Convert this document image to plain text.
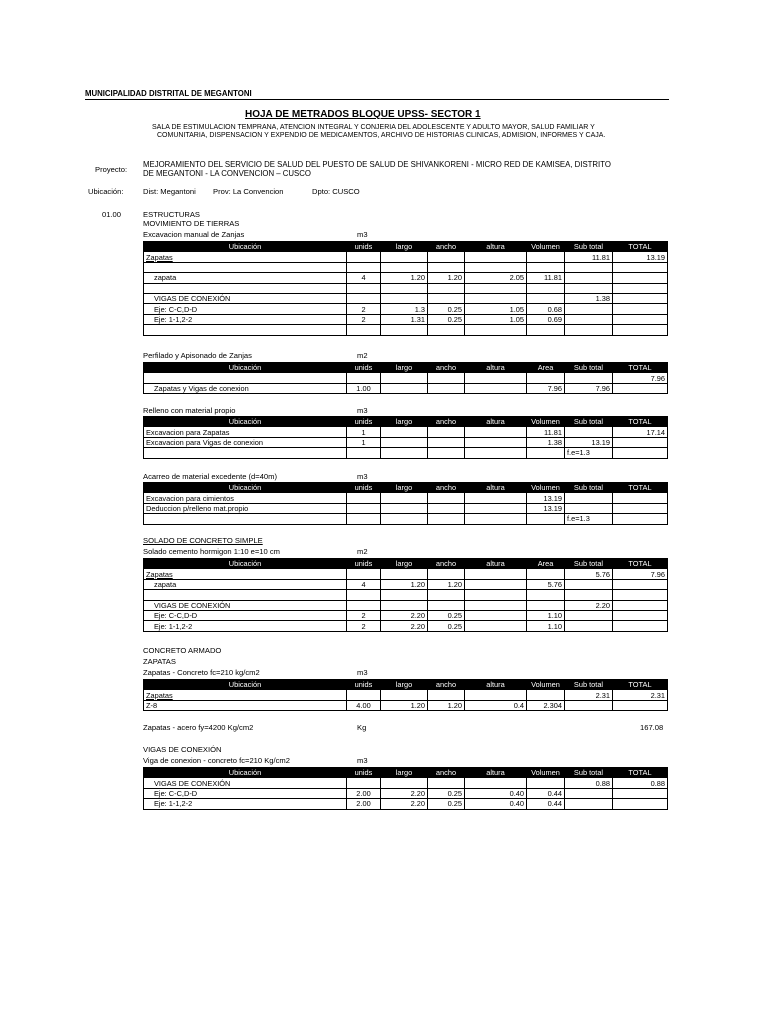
MUNICIPALIDAD DISTRITAL DE MEGANTONI
HOJA DE METRADOS BLOQUE UPSS- SECTOR 1
SALA DE ESTIMULACION TEMPRANA, ATENCION INTEGRAL Y CONJERIA DEL ADOLESCENTE Y ADULTO MAYOR, SALUD FAMILIAR Y
COMUNITARIA, DISPENSACION Y EXPENDIO DE MEDICAMENTOS, ARCHIVO DE HISTORIAS CLINICAS, ADMISION, INFORMES Y CAJA.
Proyecto:
MEJORAMIENTO DEL SERVICIO DE SALUD DEL PUESTO DE SALUD DE SHIVANKORENI - MICRO RED DE KAMISEA, DISTRITO
DE MEGANTONI - LA CONVENCION – CUSCO
Ubicación:	Dist: Megantoni Prov: La Convencion	Dpto: CUSCO
01.00	ESTRUCTURAS
MOVIMIENTO DE TIERRAS
Excavacion manual de Zanjas	m3
Ubicación	unids	largo	ancho	altura	Volumen	Sub total	TOTAL
Zapatas						11.81	13.19

zapata	4	1.20	1.20	2.05	11.81		

VIGAS DE CONEXIÓN						1.38	
Eje: C-C,D-D	2	1.3	0.25	1.05	0.68		
Eje: 1-1,2-2	2	1.31	0.25	1.05	0.69		

Perfilado y Apisonado de Zanjas	m2
Ubicación	unids	largo	ancho	altura	Area	Sub total	TOTAL
							7.96
Zapatas y Vigas de conexion	1.00				7.96	7.96	
Relleno con material propio	m3
Ubicación	unids	largo	ancho	altura	Volumen	Sub total	TOTAL
Excavacion para Zapatas	1				11.81		17.14
Excavacion para Vigas de conexion	1				1.38	13.19	
						f.e=1.3	
Acarreo de material excedente (d=40m)	m3
Ubicación	unids	largo	ancho	altura	Volumen	Sub total	TOTAL
Excavacion para cimientos					13.19		
Deduccion p/relleno mat.propio					13.19		
						f.e=1.3	
SOLADO DE CONCRETO SIMPLE
Solado cemento hormigon 1:10 e=10 cm	m2
Ubicación	unids	largo	ancho	altura	Area	Sub total	TOTAL
Zapatas						5.76	7.96
zapata	4	1.20	1.20		5.76		

VIGAS DE CONEXIÓN						2.20	
Eje: C-C,D-D	2	2.20	0.25		1.10		
Eje: 1-1,2-2	2	2.20	0.25		1.10		
CONCRETO ARMADO
ZAPATAS
Zapatas - Concreto fc=210 kg/cm2	m3
Ubicación	unids	largo	ancho	altura	Volumen	Sub total	TOTAL
Zapatas						2.31	2.31
Z-8	4.00	1.20	1.20	0.4	2.304		
Zapatas - acero fy=4200 Kg/cm2	Kg	167.08
VIGAS DE CONEXIÓN
Viga de conexion - concreto fc=210 Kg/cm2	m3
Ubicación	unids	largo	ancho	altura	Volumen	Sub total	TOTAL
VIGAS DE CONEXIÓN						0.88	0.88
Eje: C-C,D-D	2.00	2.20	0.25	0.40	0.44		
Eje: 1-1,2-2	2.00	2.20	0.25	0.40	0.44		
